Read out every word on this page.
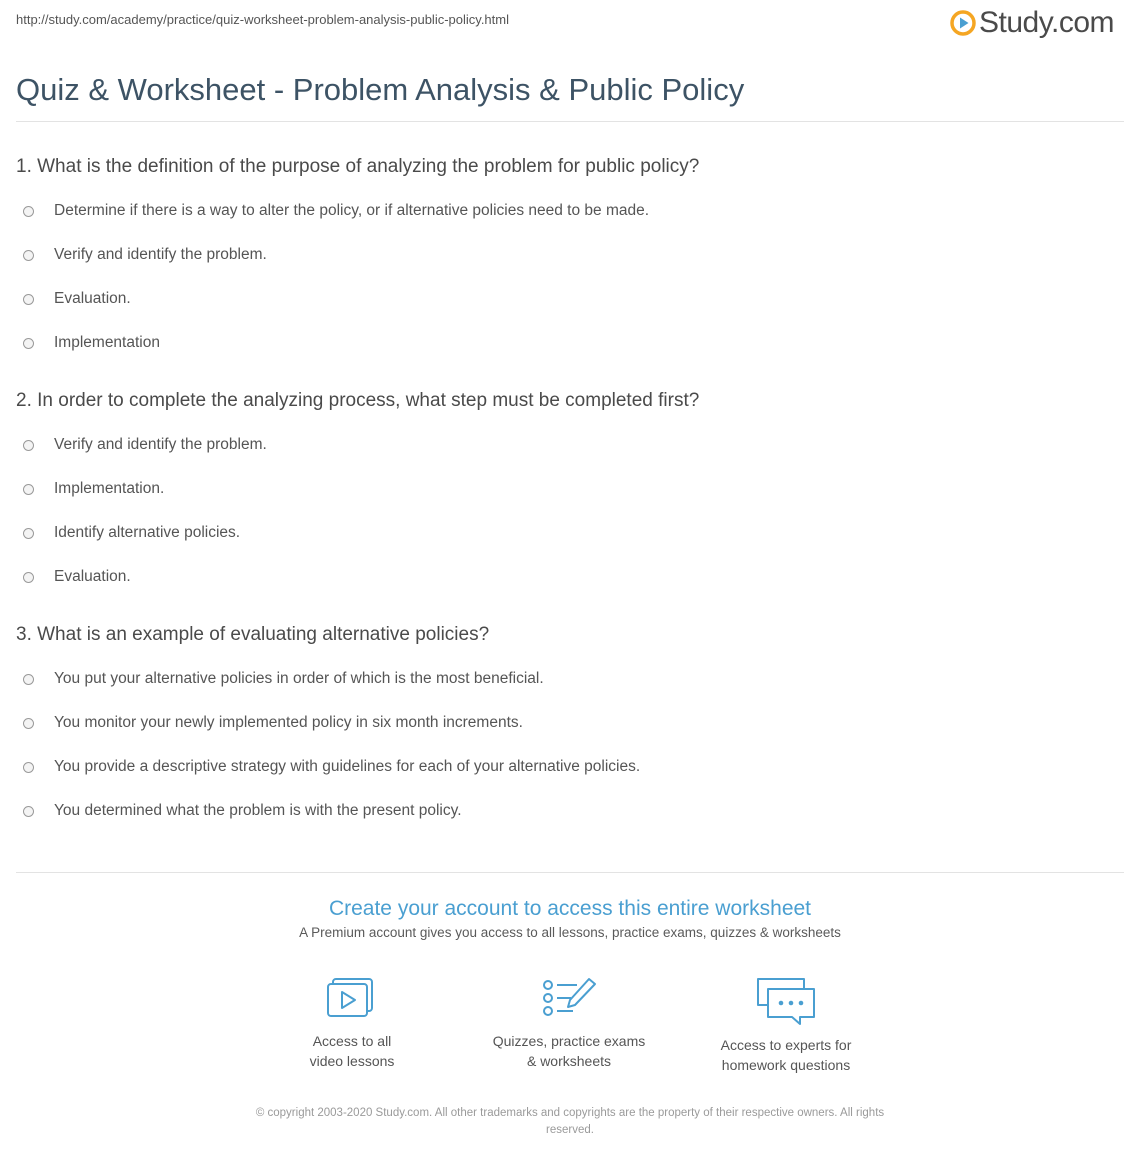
http://study.com/academy/practice/quiz-worksheet-problem-analysis-public-policy.html	Study.com
Quiz & Worksheet - Problem Analysis & Public Policy
1. What is the definition of the purpose of analyzing the problem for public policy?
Determine if there is a way to alter the policy, or if alternative policies need to be made.
Verify and identify the problem.
Evaluation.
Implementation
2. In order to complete the analyzing process, what step must be completed first?
Verify and identify the problem.
Implementation.
Identify alternative policies.
Evaluation.
3. What is an example of evaluating alternative policies?
You put your alternative policies in order of which is the most beneficial.
You monitor your newly implemented policy in six month increments.
You provide a descriptive strategy with guidelines for each of your alternative policies.
You determined what the problem is with the present policy.
Create your account to access this entire worksheet
A Premium account gives you access to all lessons, practice exams, quizzes & worksheets
Access to all
video lessons
Quizzes, practice exams
& worksheets
Access to experts for
homework questions
© copyright 2003-2020 Study.com. All other trademarks and copyrights are the property of their respective owners. All rights
reserved.
